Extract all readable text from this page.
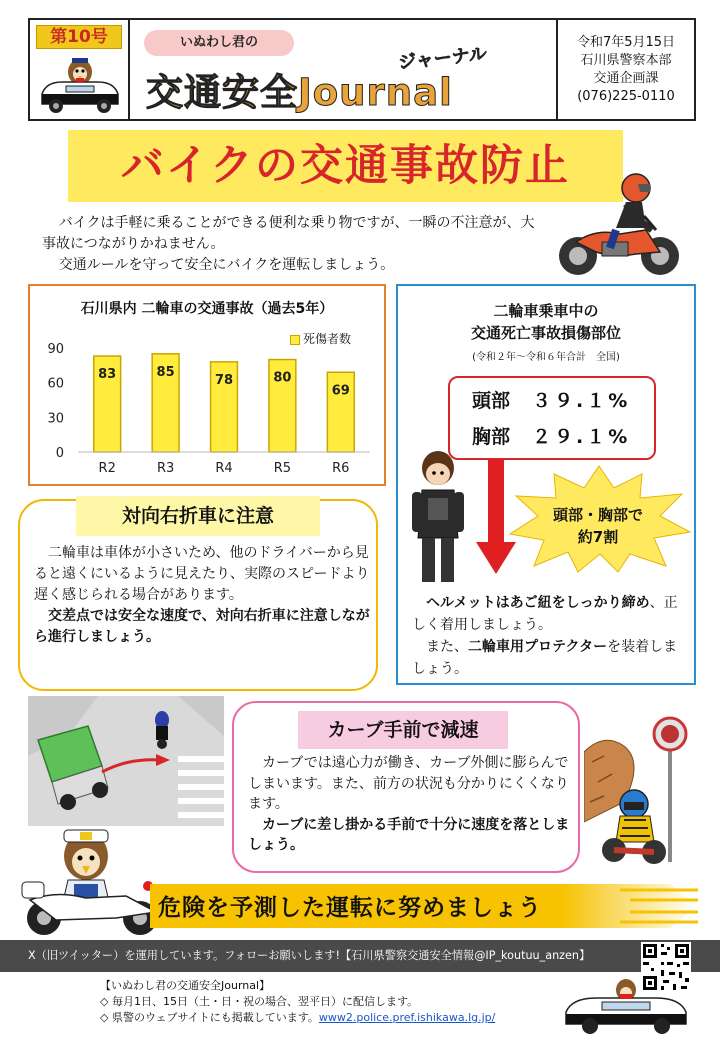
第10号	いぬわし君の
ジャーナル
交通安全Journal
令和7年5月15日
石川県警察本部
交通企画課
(076)225-0110
バイクの交通事故防止

バイクは手軽に乗ることができる便利な乗り物ですが、一瞬の不注意が、大事故につながりかねません。

交通ルールを守って安全にバイクを運転しましょう。

石川県内 二輪車の交通事故（過去5年）
死傷者数
0
30
60
90
83
R2
85
R3
78
R4
80
R5
69
R6
二輪車乗車中の
交通死亡事故損傷部位
(令和２年～令和６年合計　全国)
頭部 ３９.１%
胸部 ２９.１%
頭部・胸部で
約7割

ヘルメットはあご紐をしっかり締め、正しく着用しましょう。

また、二輪車用プロテクターを装着しましょう。

対向右折車に注意

二輪車は車体が小さいため、他のドライバーから見ると遠くにいるように見えたり、実際のスピードより遅く感じられる場合があります。

交差点では安全な速度で、対向右折車に注意しながら進行しましょう。

カーブ手前で減速

カーブでは遠心力が働き、カーブ外側に膨らんでしまいます。また、前方の状況も分かりにくくなります。

カーブに差し掛かる手前で十分に速度を落としましょう。

危険を予測した運転に努めましょう
X（旧ツイッター）を運用しています。フォローお願いします!【石川県警察交通安全情報@IP_koutuu_anzen】
【いぬわし君の交通安全Journal】
◇ 毎月1日、15日（土・日・祝の場合、翌平日）に配信します。
◇ 県警のウェブサイトにも掲載しています。www2.police.pref.ishikawa.lg.jp/
